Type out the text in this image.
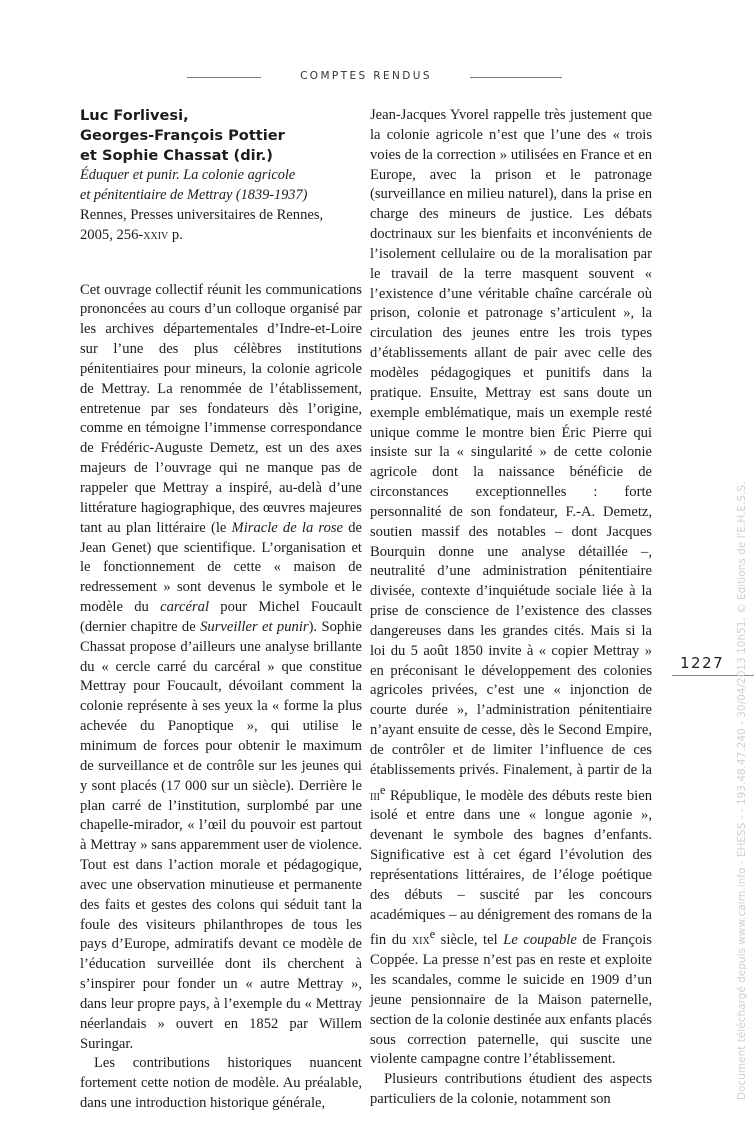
COMPTES RENDUS
Luc Forlivesi,
Georges-François Pottier
et Sophie Chassat (dir.)
Éduquer et punir. La colonie agricole
et pénitentiaire de Mettray (1839-1937)
Rennes, Presses universitaires de Rennes,
2005, 256-xxiv p.

Cet ouvrage collectif réunit les communications prononcées au cours d’un colloque organisé par les archives départementales d’Indre-et-Loire sur l’une des plus célèbres institutions pénitentiaires pour mineurs, la colonie agricole de Mettray. La renommée de l’établissement, entretenue par ses fondateurs dès l’origine, comme en témoigne l’immense correspondance de Frédéric-Auguste Demetz, est un des axes majeurs de l’ouvrage qui ne manque pas de rappeler que Mettray a inspiré, au-delà d’une littérature hagiographique, des œuvres majeures tant au plan littéraire (le Miracle de la rose de Jean Genet) que scientifique. L’organisation et le fonctionnement de cette « maison de redressement » sont devenus le symbole et le modèle du carcéral pour Michel Foucault (dernier chapitre de Surveiller et punir). Sophie Chassat propose d’ailleurs une analyse brillante du « cercle carré du carcéral » que constitue Mettray pour Foucault, dévoilant comment la colonie représente à ses yeux la « forme la plus achevée du Panoptique », qui utilise le minimum de forces pour obtenir le maximum de surveillance et de contrôle sur les jeunes qui y sont placés (17 000 sur un siècle). Derrière le plan carré de l’institution, surplombé par une chapelle-mirador, « l’œil du pouvoir est partout à Mettray » sans apparemment user de violence. Tout est dans l’action morale et pédagogique, avec une observation minutieuse et permanente des faits et gestes des colons qui séduit tant la foule des visiteurs philanthropes de tous les pays d’Europe, admiratifs devant ce modèle de l’éducation surveillée dont ils cherchent à s’inspirer pour fonder un « autre Mettray », dans leur propre pays, à l’exemple du « Mettray néerlandais » ouvert en 1852 par Willem Suringar.

Les contributions historiques nuancent fortement cette notion de modèle. Au préalable, dans une introduction historique générale,

Jean-Jacques Yvorel rappelle très justement que la colonie agricole n’est que l’une des « trois voies de la correction » utilisées en France et en Europe, avec la prison et le patronage (surveillance en milieu naturel), dans la prise en charge des mineurs de justice. Les débats doctrinaux sur les bienfaits et inconvénients de l’isolement cellulaire ou de la moralisation par le travail de la terre masquent souvent « l’existence d’une véritable chaîne carcérale où prison, colonie et patronage s’articulent », la circulation des jeunes entre les trois types d’établissements allant de pair avec celle des modèles pédagogiques et punitifs dans la pratique. Ensuite, Mettray est sans doute un exemple emblématique, mais un exemple resté unique comme le montre bien Éric Pierre qui insiste sur la « singularité » de cette colonie agricole dont la naissance bénéficie de circonstances exceptionnelles : forte personnalité de son fondateur, F.-A. Demetz, soutien massif des notables – dont Jacques Bourquin donne une analyse détaillée –, neutralité d’une administration pénitentiaire divisée, contexte d’inquiétude sociale liée à la prise de conscience de l’existence des classes dangereuses dans les grandes cités. Mais si la loi du 5 août 1850 invite à « copier Mettray » en préconisant le développement des colonies agricoles privées, c’est une « injonction de courte durée », l’administration pénitentiaire n’ayant ensuite de cesse, dès le Second Empire, de contrôler et de limiter l’influence de ces établissements privés. Finalement, à partir de la iii$^e$ République, le modèle des débuts reste bien isolé et entre dans une « longue agonie », devenant le symbole des bagnes d’enfants. Significative est à cet égard l’évolution des représentations littéraires, de l’éloge poétique des débuts – suscité par les concours académiques – au dénigrement des romans de la fin du xix$^e$ siècle, tel Le coupable de François Coppée. La presse n’est pas en reste et exploite les scandales, comme le suicide en 1909 d’un jeune pensionnaire de la Maison paternelle, section de la colonie destinée aux enfants placés sous correction paternelle, qui suscite une violente campagne contre l’établissement.

Plusieurs contributions étudient des aspects particuliers de la colonie, notamment son

1227 Document téléchargé depuis www.cairn.info - EHESS - - 193.48.47.240 - 30/04/2013 10h51. © Editions de l'E.H.E.S.S.
